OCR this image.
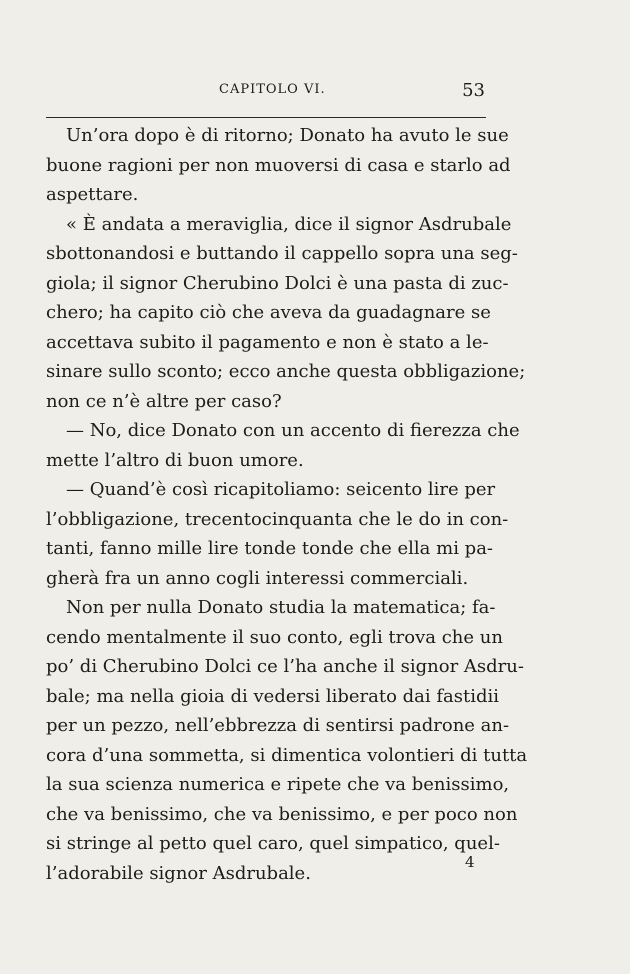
CAPITOLO VI.	53
Un’ora dopo è di ritorno; Donato ha avuto le sue
buone ragioni per non muoversi di casa e starlo ad
aspettare.
« È andata a meraviglia, dice il signor Asdrubale
sbottonandosi e buttando il cappello sopra una seg-
giola; il signor Cherubino Dolci è una pasta di zuc-
chero; ha capito ciò che aveva da guadagnare se
accettava subito il pagamento e non è stato a le-
sinare sullo sconto; ecco anche questa obbligazione;
non ce n’è altre per caso?
— No, dice Donato con un accento di fierezza che
mette l’altro di buon umore.
— Quand’è così ricapitoliamo: seicento lire per
l’obbligazione, trecentocinquanta che le do in con-
tanti, fanno mille lire tonde tonde che ella mi pa-
gherà fra un anno cogli interessi commerciali.
Non per nulla Donato studia la matematica; fa-
cendo mentalmente il suo conto, egli trova che un
po’ di Cherubino Dolci ce l’ha anche il signor Asdru-
bale; ma nella gioia di vedersi liberato dai fastidii
per un pezzo, nell’ebbrezza di sentirsi padrone an-
cora d’una sommetta, si dimentica volontieri di tutta
la sua scienza numerica e ripete che va benissimo,
che va benissimo, che va benissimo, e per poco non
si stringe al petto quel caro, quel simpatico, quel-
l’adorabile signor Asdrubale.
4
